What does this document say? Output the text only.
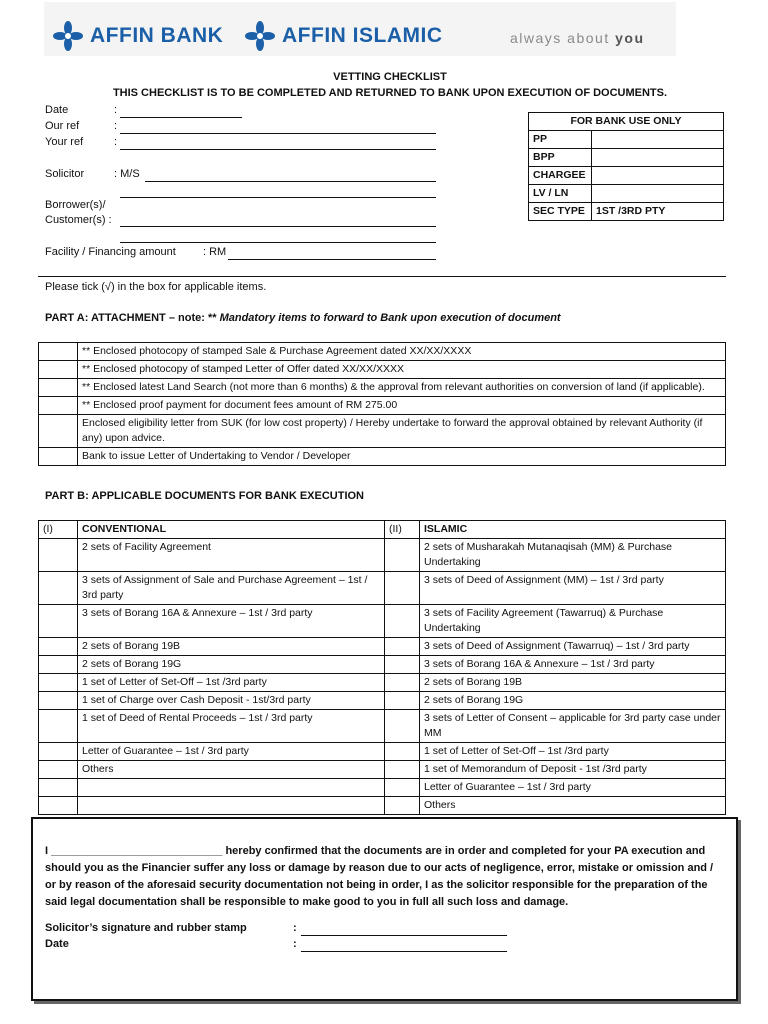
AFFIN BANK	AFFIN ISLAMIC	always about you
VETTING CHECKLIST
THIS CHECKLIST IS TO BE COMPLETED AND RETURNED TO BANK UPON EXECUTION OF DOCUMENTS.
Date	:
Our ref	:
Your ref	:
Solicitor	: M/S
Borrower(s)/
Customer(s) :
Facility / Financing amount : RM
FOR BANK USE ONLY	
PP	
BPP	
CHARGEE	
LV / LN	
SEC TYPE	1ST /3RD PTY
Please tick (√) in the box for applicable items.
PART A: ATTACHMENT – note: ** Mandatory items to forward to Bank upon execution of document
	** Enclosed photocopy of stamped Sale & Purchase Agreement dated XX/XX/XXXX
	** Enclosed photocopy of stamped Letter of Offer dated XX/XX/XXXX
	** Enclosed latest Land Search (not more than 6 months) & the approval from relevant authorities on conversion of land (if applicable).
	** Enclosed proof payment for document fees amount of RM 275.00
	Enclosed eligibility letter from SUK (for low cost property) / Hereby undertake to forward the approval obtained by relevant Authority (if any) upon advice.
	Bank to issue Letter of Undertaking to Vendor / Developer
PART B: APPLICABLE DOCUMENTS FOR BANK EXECUTION
(I)	CONVENTIONAL	(II)	ISLAMIC
	2 sets of Facility Agreement		2 sets of Musharakah Mutanaqisah (MM) & Purchase Undertaking
	3 sets of Assignment of Sale and Purchase Agreement – 1st / 3rd party		3 sets of Deed of Assignment (MM) – 1st / 3rd party
	3 sets of Borang 16A & Annexure – 1st / 3rd party		3 sets of Facility Agreement (Tawarruq) & Purchase Undertaking
	2 sets of Borang 19B		3 sets of Deed of Assignment (Tawarruq) – 1st / 3rd party
	2 sets of Borang 19G		3 sets of Borang 16A & Annexure – 1st / 3rd party
	1 set of Letter of Set-Off – 1st /3rd party		2 sets of Borang 19B
	1 set of Charge over Cash Deposit - 1st/3rd party		2 sets of Borang 19G
	1 set of Deed of Rental Proceeds – 1st / 3rd party		3 sets of Letter of Consent – applicable for 3rd party case under MM
	Letter of Guarantee – 1st / 3rd party		1 set of Letter of Set-Off – 1st /3rd party
	Others		1 set of Memorandum of Deposit - 1st /3rd party
			Letter of Guarantee – 1st / 3rd party
			Others

I ____________________________ hereby confirmed that the documents are in order and completed for your PA execution and should you as the Financier suffer any loss or damage by reason due to our acts of negligence, error, mistake or omission and / or by reason of the aforesaid security documentation not being in order, I as the solicitor responsible for the preparation of the said legal documentation shall be responsible to make good to you in full all such loss and damage.

Solicitor’s signature and rubber stamp	:
Date	:
